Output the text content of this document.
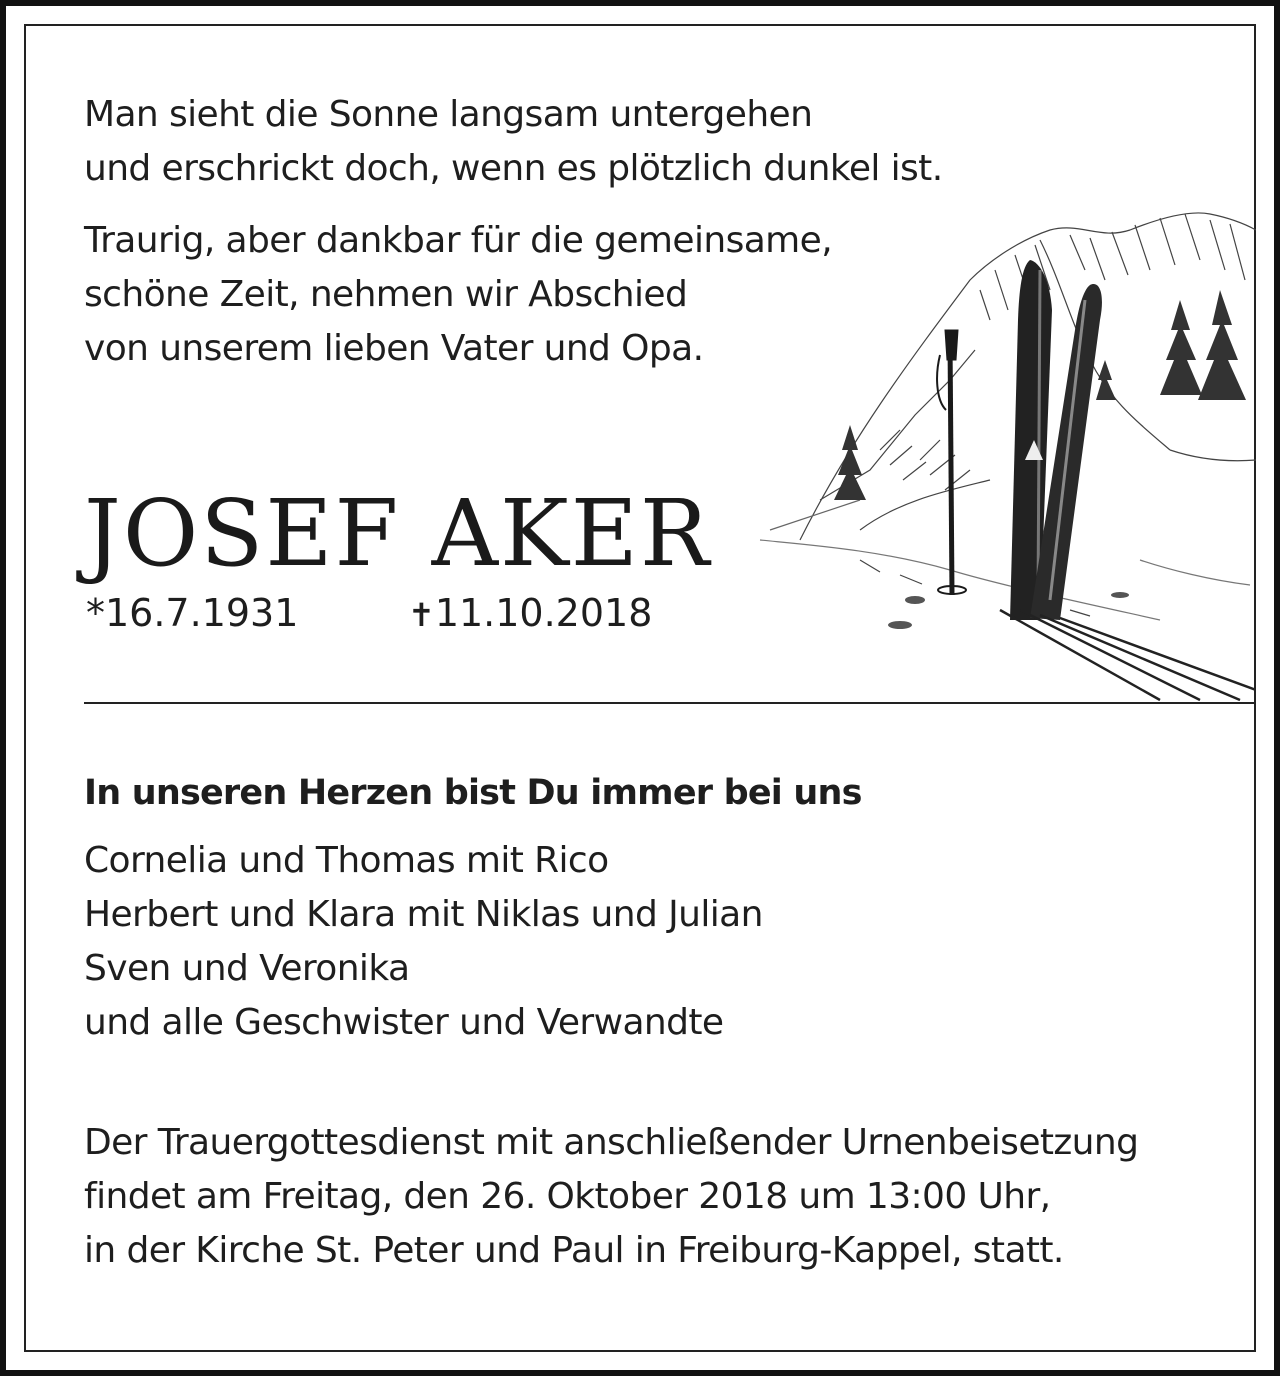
Man sieht die Sonne langsam untergehen
und erschrickt doch, wenn es plötzlich dunkel ist.
Traurig, aber dankbar für die gemeinsame,
schöne Zeit, nehmen wir Abschied
von unserem lieben Vater und Opa.
JOSEF AKER
*16.7.1931	✝11.10.2018
In unseren Herzen bist Du immer bei uns
Cornelia und Thomas mit Rico
Herbert und Klara mit Niklas und Julian
Sven und Veronika
und alle Geschwister und Verwandte
Der Trauergottesdienst mit anschließender Urnenbeisetzung
findet am Freitag, den 26. Oktober 2018 um 13:00 Uhr,
in der Kirche St. Peter und Paul in Freiburg-Kappel, statt.
